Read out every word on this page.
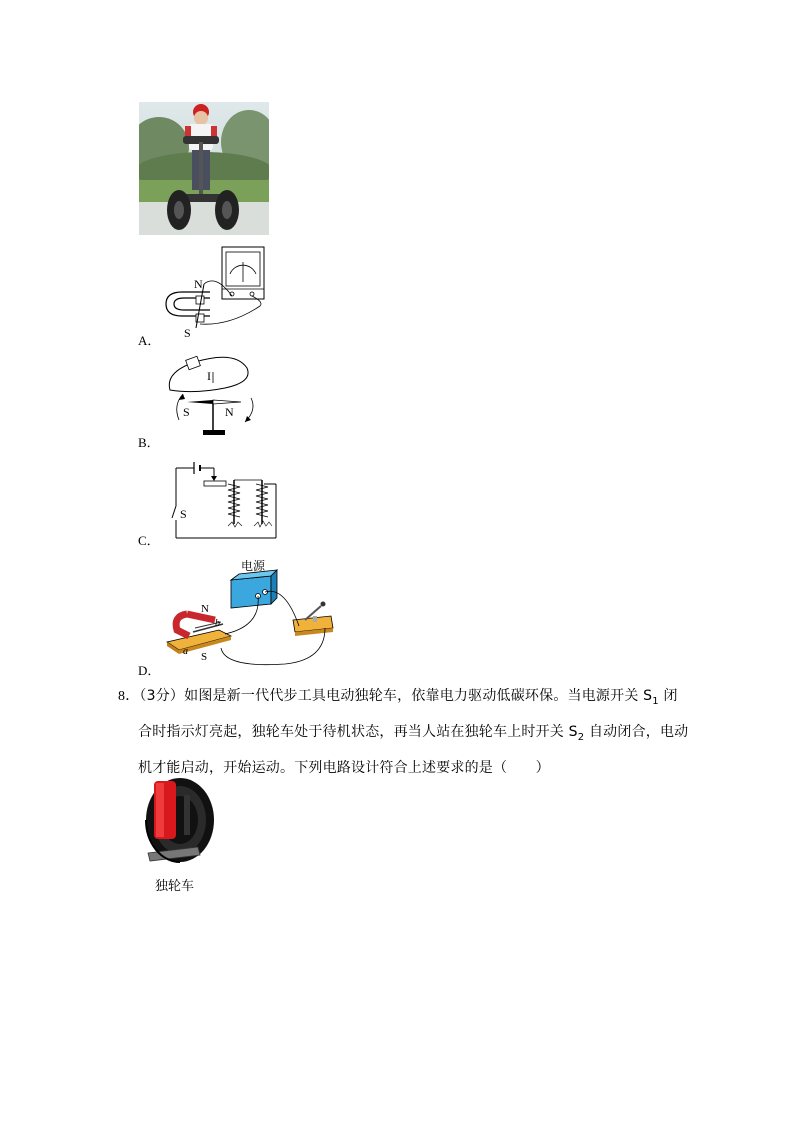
N
S
A．
I
S	N
B．
S
C．
电源
N
b
a S
D．
8．（3分）如图是新一代代步工具电动独轮车，依靠电力驱动低碳环保。当电源开关 $S_1$ 闭
合时指示灯亮起，独轮车处于待机状态，再当人站在独轮车上时开关 $S_2$ 自动闭合，电动
机才能启动，开始运动。下列电路设计符合上述要求的是（　　）
独轮车
